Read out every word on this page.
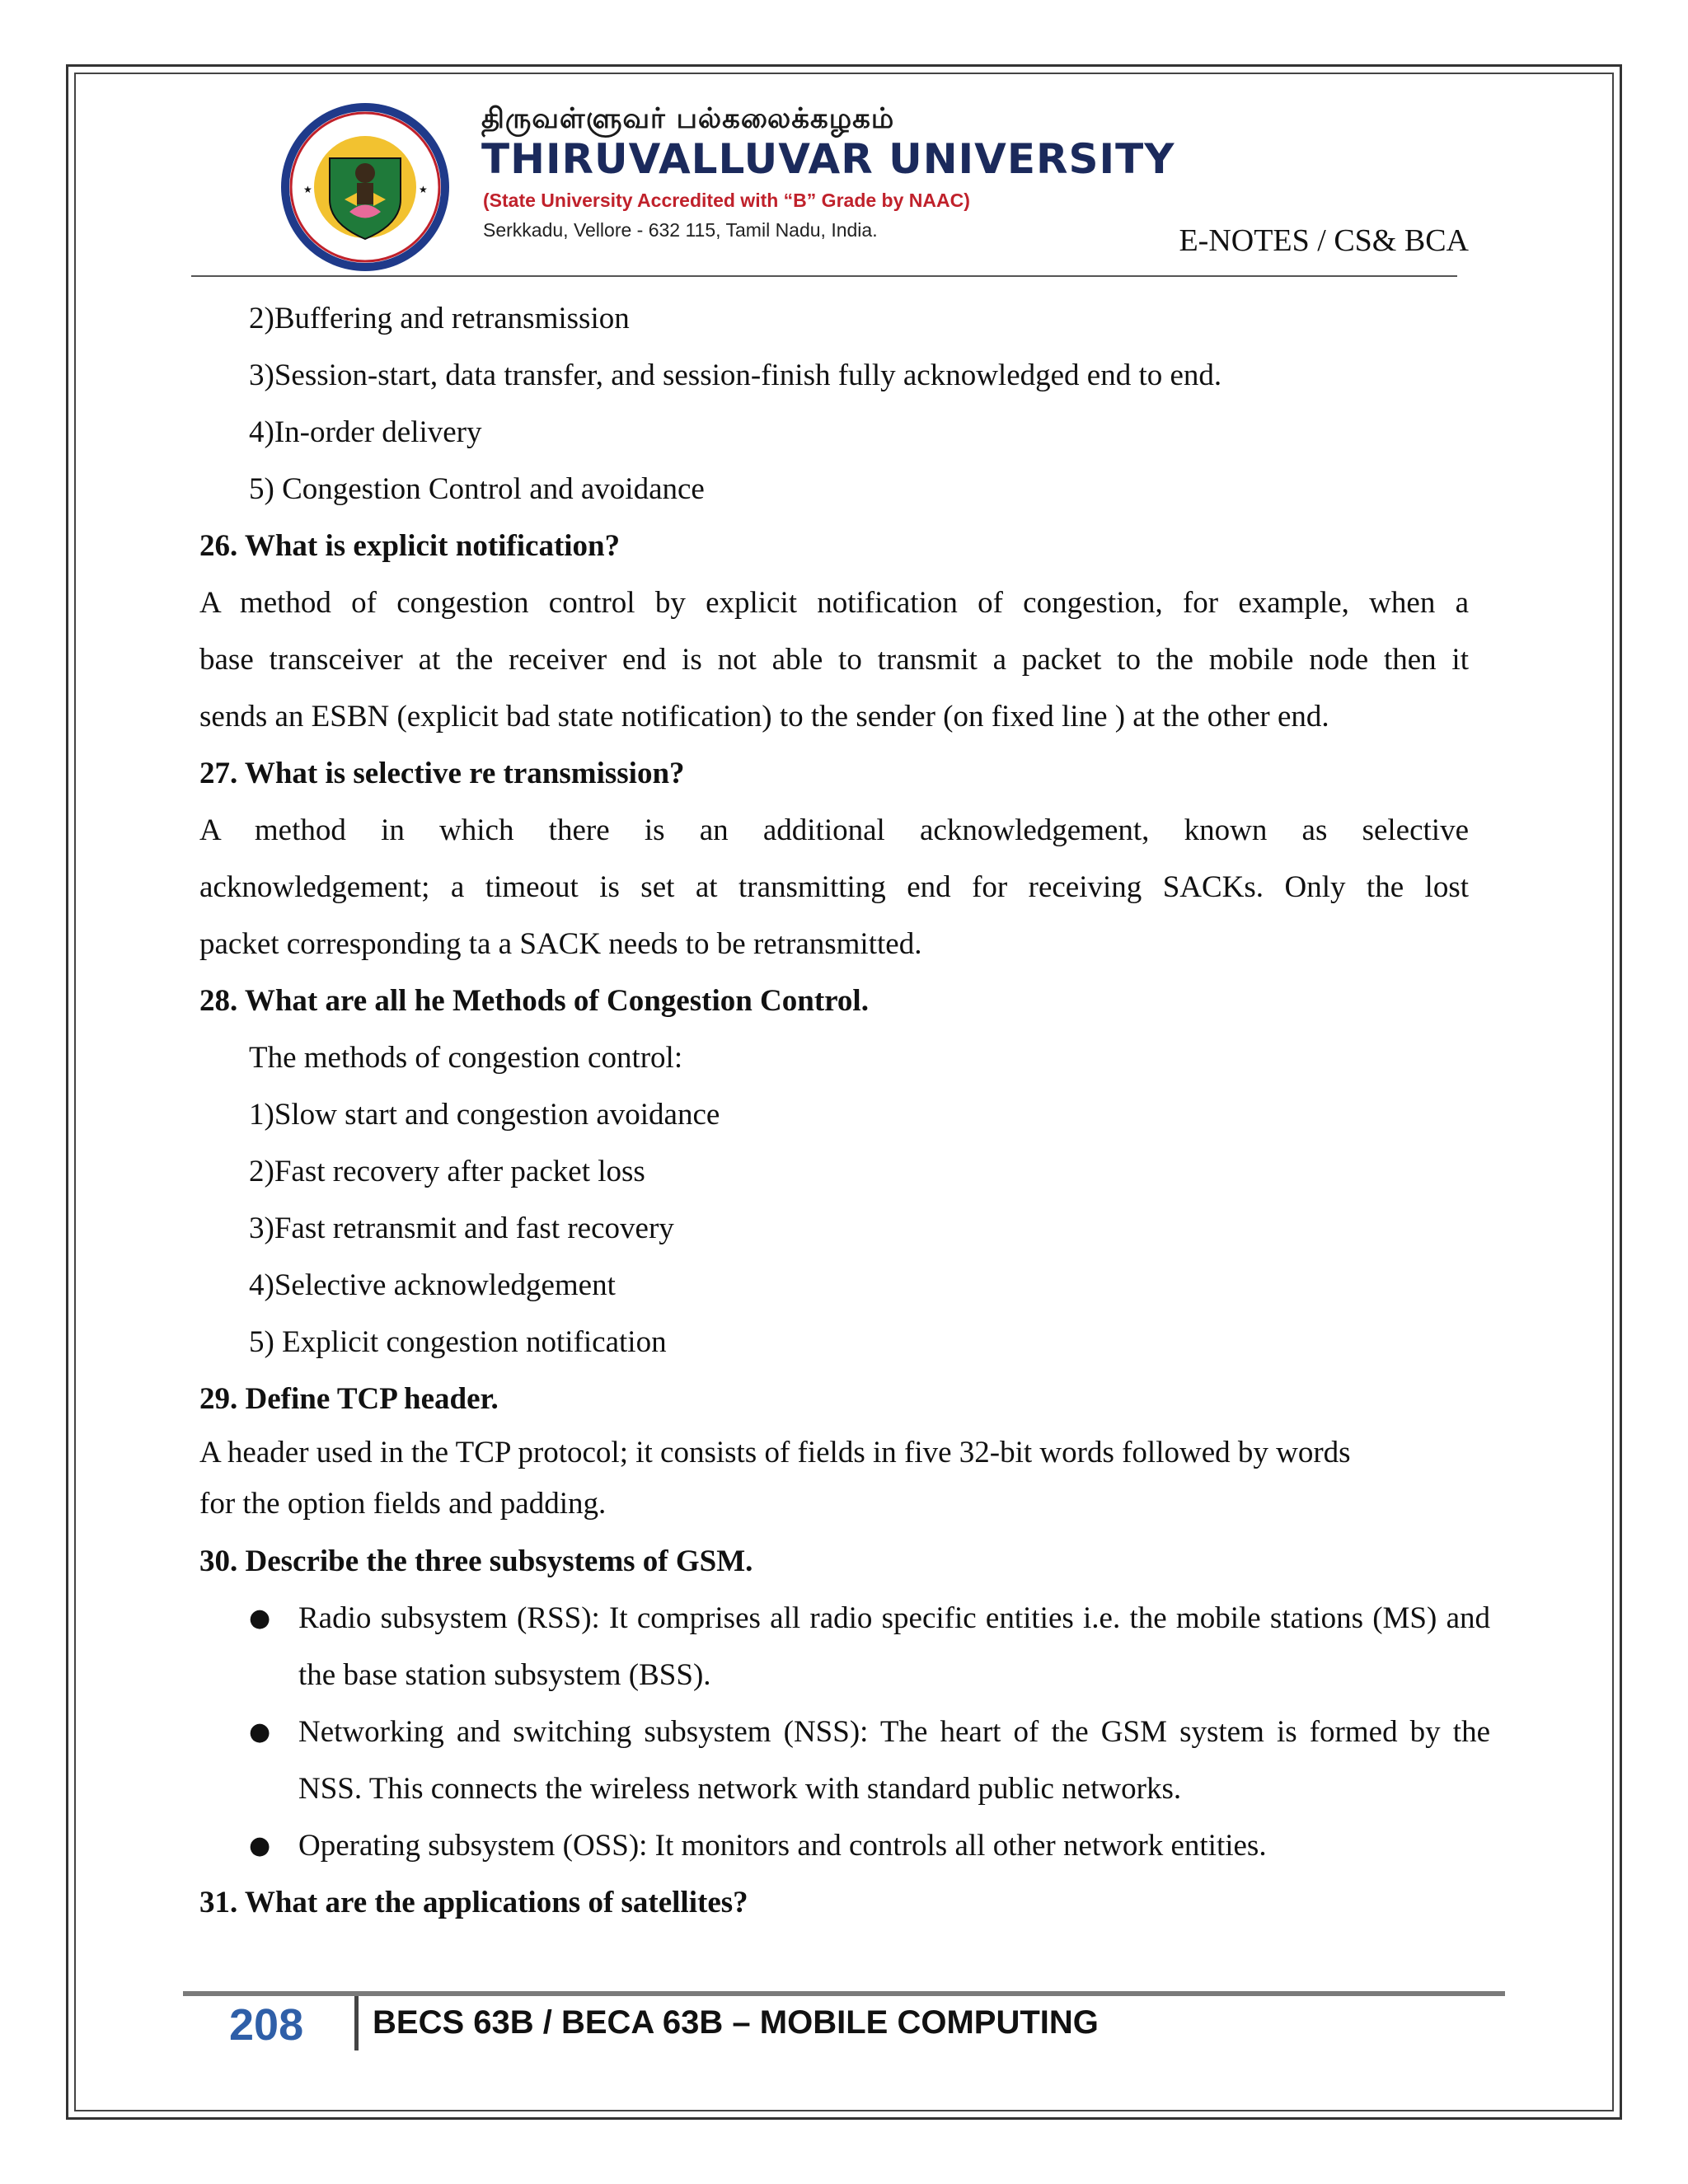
★	★
திருவள்ளுவர் பல்கலைக்கழகம்
THIRUVALLUVAR UNIVERSITY
(State University Accredited with “B” Grade by NAAC)
Serkkadu, Vellore - 632 115, Tamil Nadu, India.	E-NOTES / CS& BCA
2)Buffering and retransmission
3)Session-start, data transfer, and session-finish fully acknowledged end to end.
4)In-order delivery
5) Congestion Control and avoidance
26. What is explicit notification?
A method of congestion control by explicit notification of congestion, for example, when a
base transceiver at the receiver end is not able to transmit a packet to the mobile node then it
sends an ESBN (explicit bad state notification) to the sender (on fixed line ) at the other end.
27. What is selective re transmission?
A method in which there is an additional acknowledgement, known as selective
acknowledgement; a timeout is set at transmitting end for receiving SACKs. Only the lost
packet corresponding ta a SACK needs to be retransmitted.
28. What are all he Methods of Congestion Control.
The methods of congestion control:
1)Slow start and congestion avoidance
2)Fast recovery after packet loss
3)Fast retransmit and fast recovery
4)Selective acknowledgement
5) Explicit congestion notification
29. Define TCP header.
A header used in the TCP protocol; it consists of fields in five 32-bit words followed by words
for the option fields and padding.
30. Describe the three subsystems of GSM.
● Radio subsystem (RSS): It comprises all radio specific entities i.e. the mobile stations (MS) and the base station subsystem (BSS).
● Networking and switching subsystem (NSS): The heart of the GSM system is formed by the NSS. This connects the wireless network with standard public networks.
● Operating subsystem (OSS): It monitors and controls all other network entities.
31. What are the applications of satellites?
208 BECS 63B / BECA 63B – MOBILE COMPUTING
